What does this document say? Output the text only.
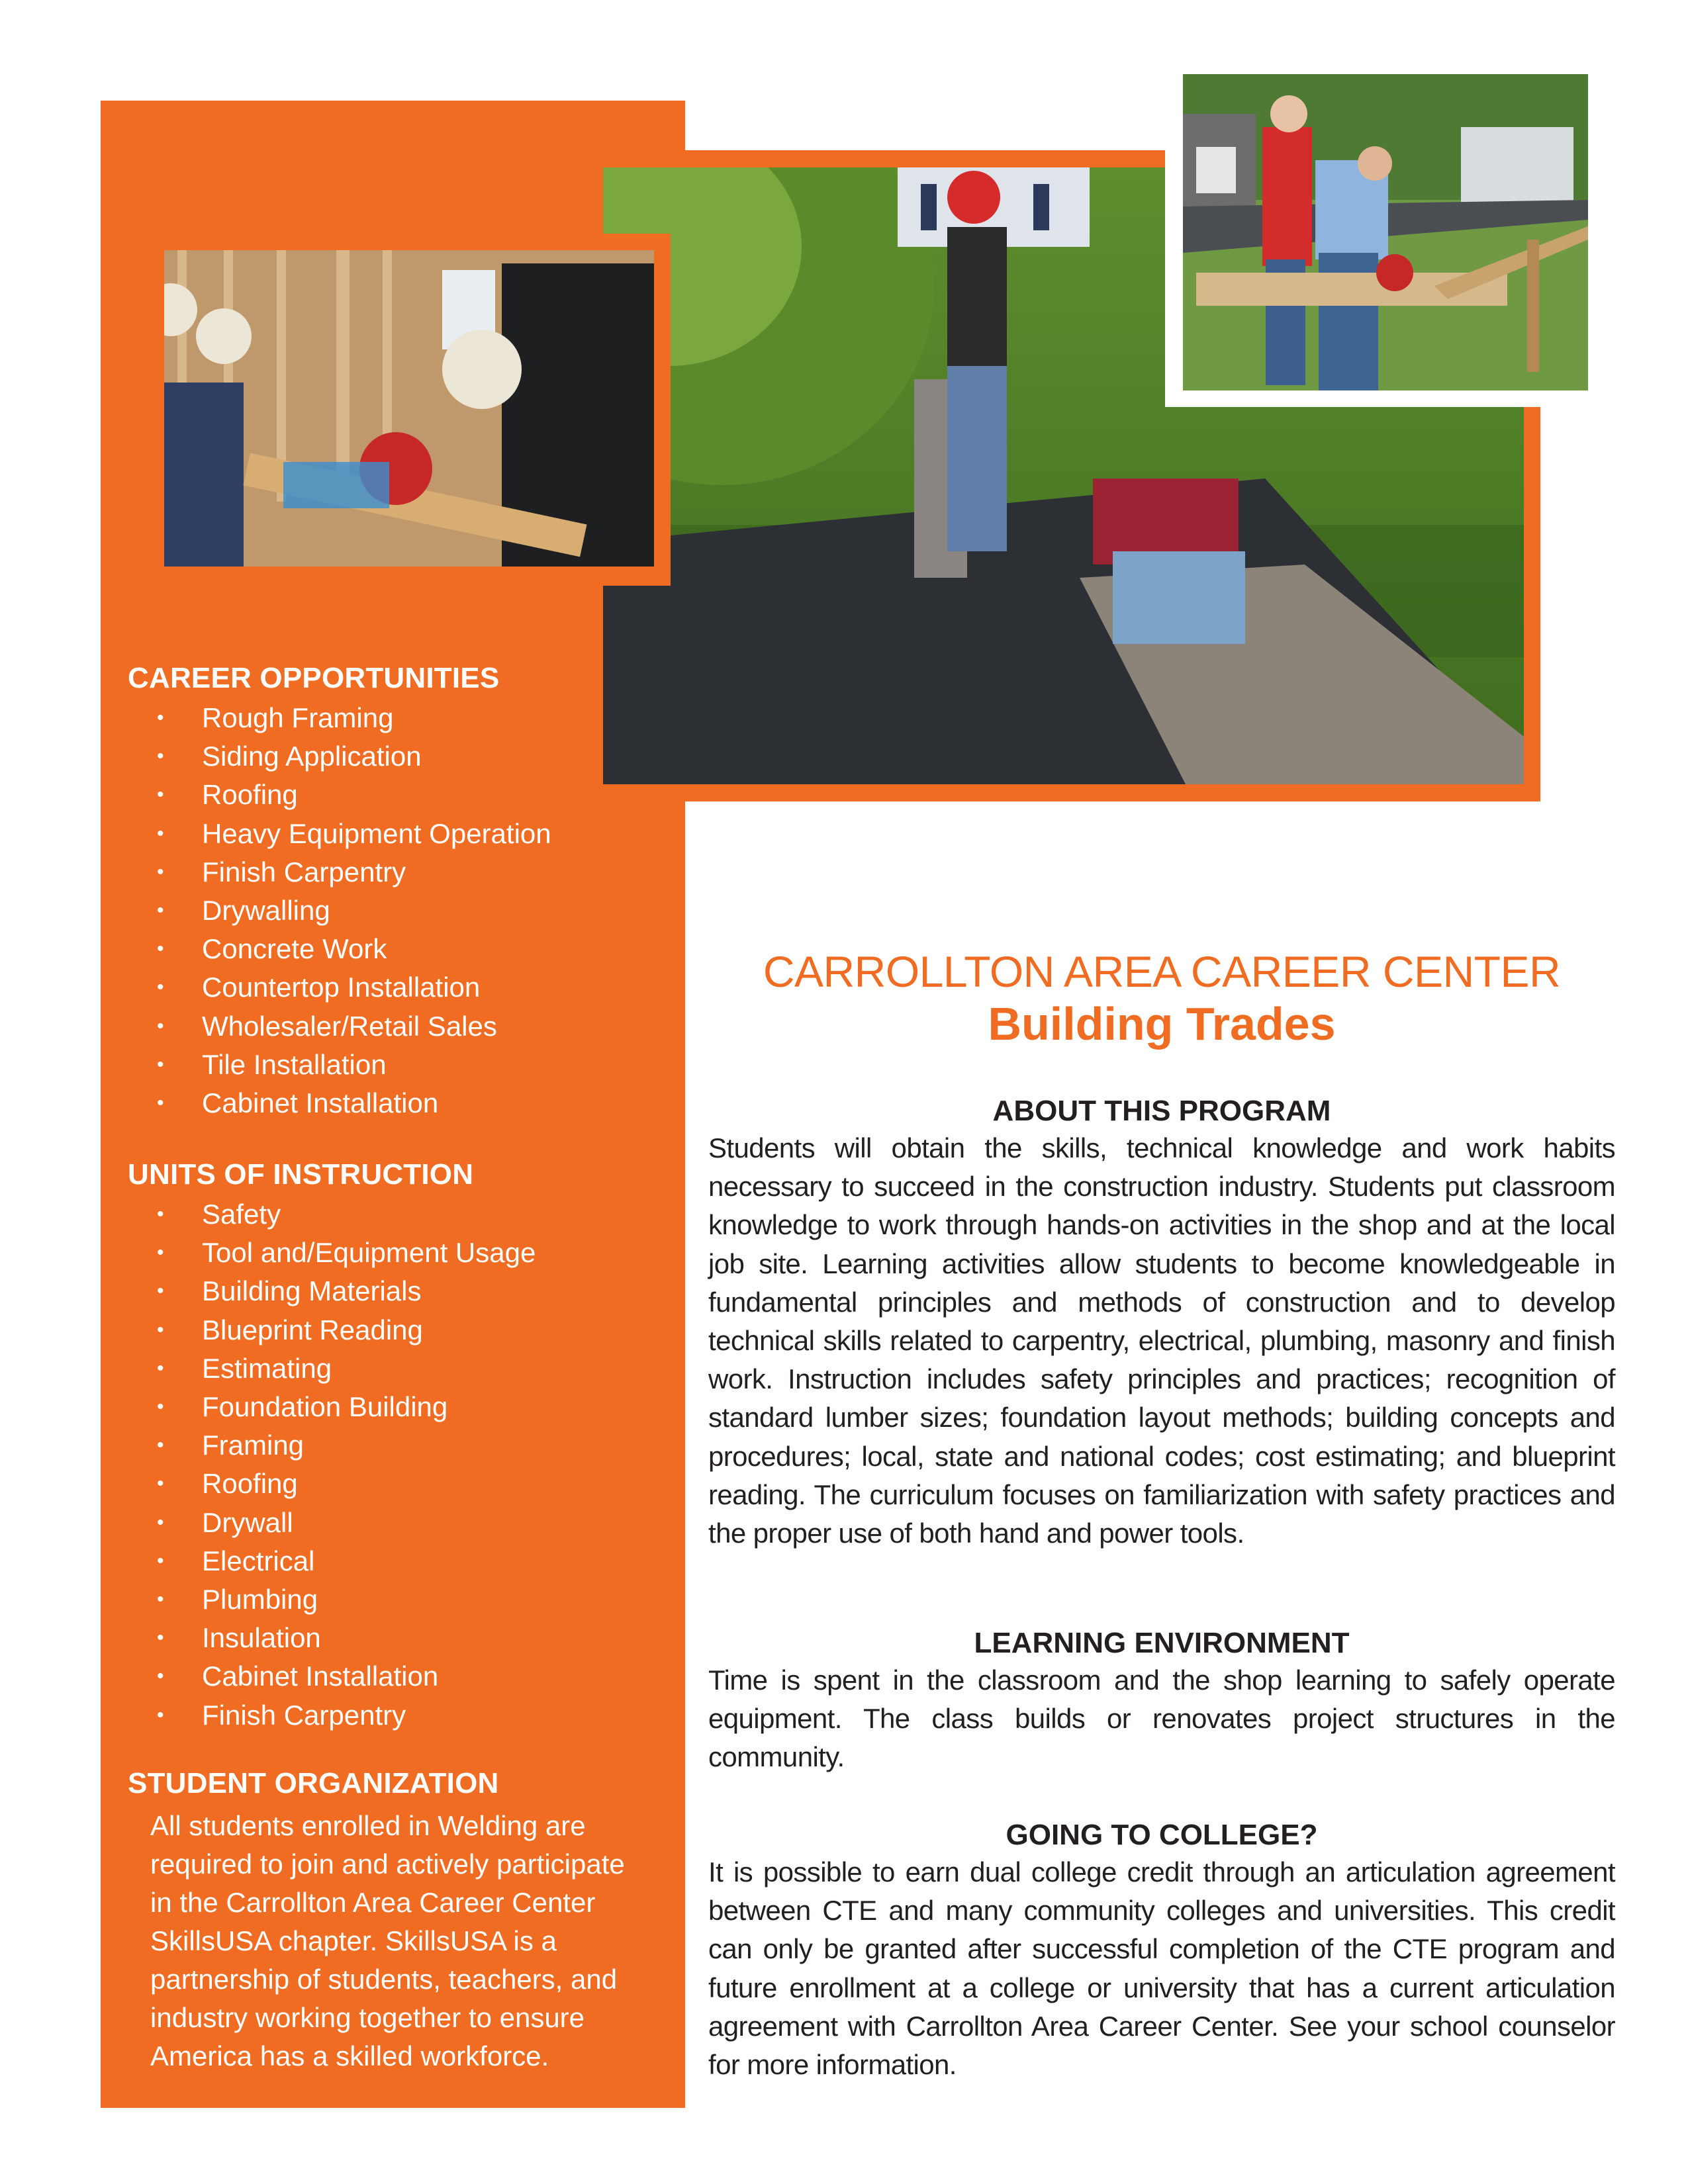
CAREER OPPORTUNITIES
• Rough Framing
• Siding Application
• Roofing
• Heavy Equipment Operation
• Finish Carpentry
• Drywalling
• Concrete Work
• Countertop Installation
• Wholesaler/Retail Sales
• Tile Installation
• Cabinet Installation
UNITS OF INSTRUCTION
• Safety
• Tool and/Equipment Usage
• Building Materials
• Blueprint Reading
• Estimating
• Foundation Building
• Framing
• Roofing
• Drywall
• Electrical
• Plumbing
• Insulation
• Cabinet Installation
• Finish Carpentry
STUDENT ORGANIZATION

All students enrolled in Welding are required to join and actively participate in the Carrollton Area Career Center SkillsUSA chapter. SkillsUSA is a partnership of students, teachers, and industry working together to ensure America has a skilled workforce.

CARROLLTON AREA CAREER CENTER
Building Trades
ABOUT THIS PROGRAM

Students will obtain the skills, technical knowledge and work habits necessary to succeed in the construction industry. Students put classroom knowledge to work through hands-on activities in the shop and at the local job site. Learning activities allow students to become knowledgeable in fundamental principles and methods of construction and to develop technical skills related to carpentry, electrical, plumbing, masonry and finish work. Instruction includes safety principles and practices; recognition of standard lumber sizes; foundation layout methods; building concepts and procedures; local, state and national codes; cost estimating; and blueprint reading. The curriculum focuses on familiarization with safety practices and the proper use of both hand and power tools.

LEARNING ENVIRONMENT

Time is spent in the classroom and the shop learning to safely operate equipment. The class builds or renovates project structures in the community.

GOING TO COLLEGE?

It is possible to earn dual college credit through an articulation agreement between CTE and many community colleges and universities. This credit can only be granted after successful completion of the CTE program and future enrollment at a college or university that has a current articulation agreement with Carrollton Area Career Center. See your school counselor for more information.
